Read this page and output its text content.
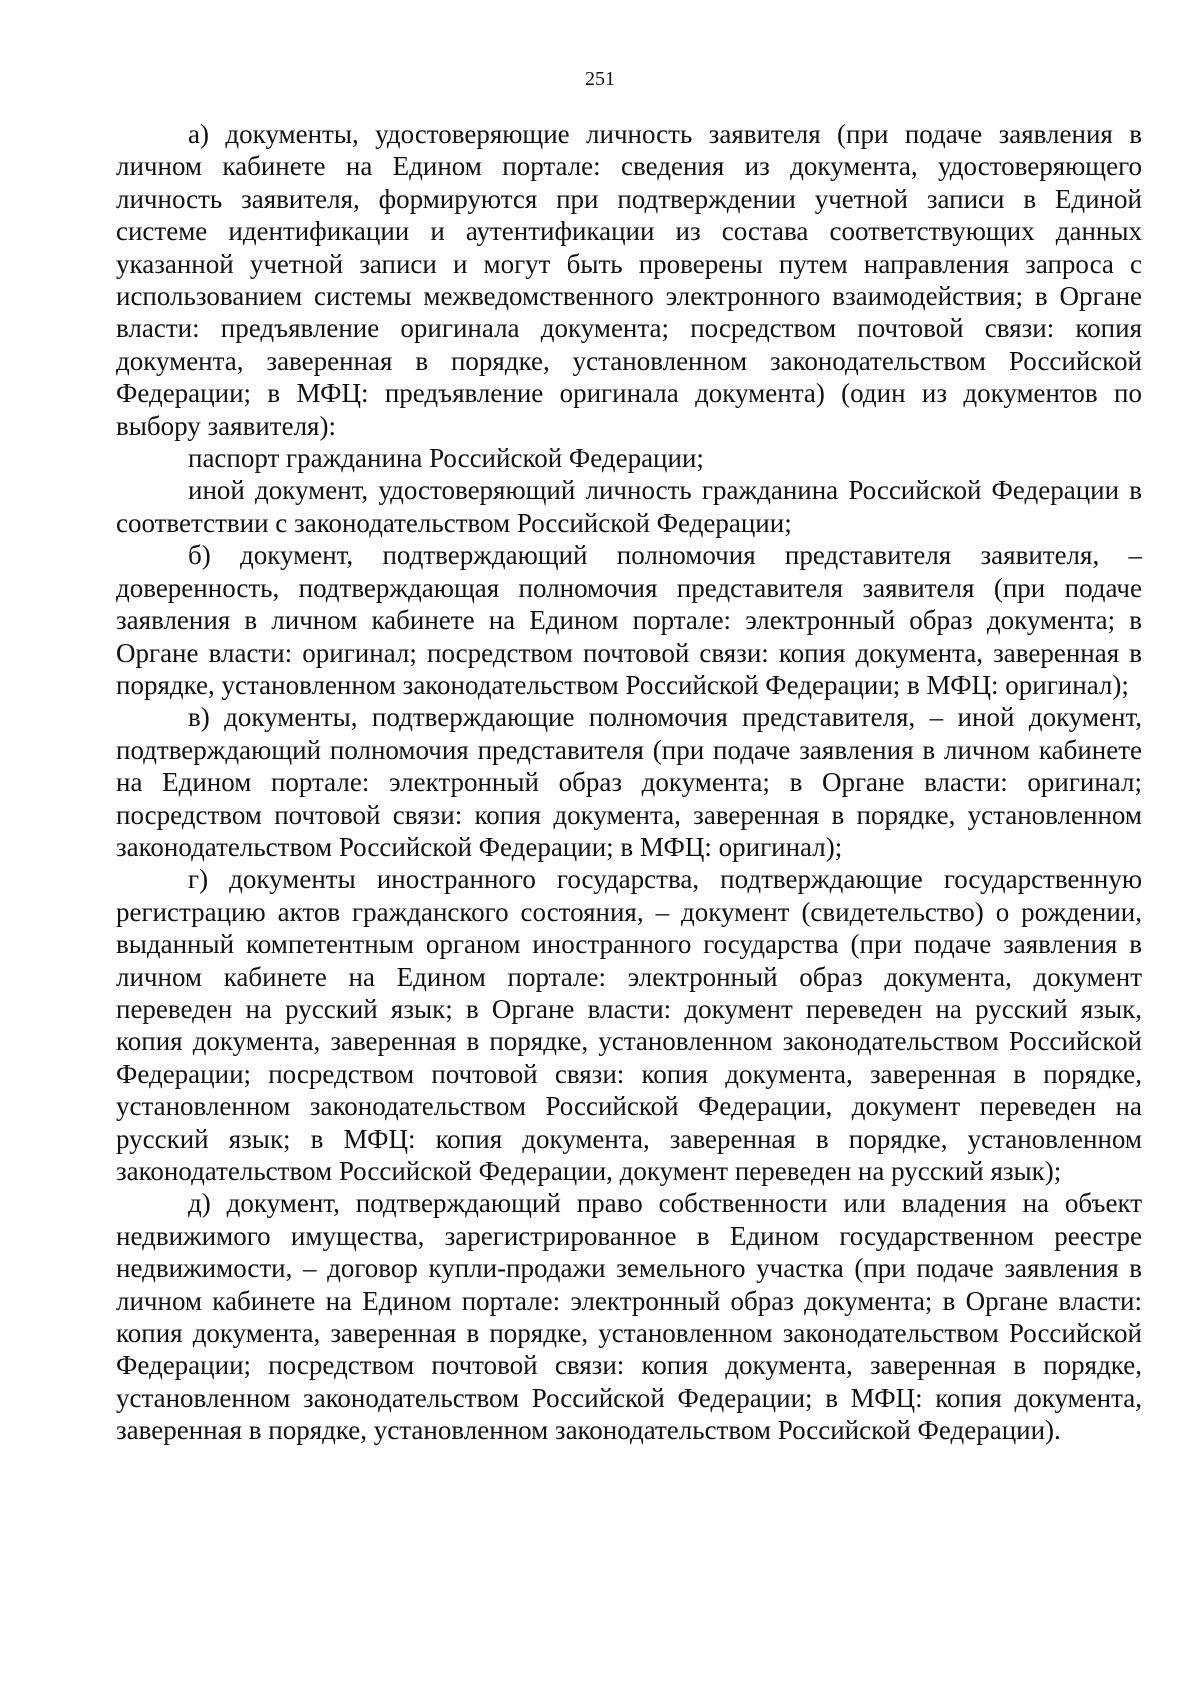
251

а) документы, удостоверяющие личность заявителя (при подаче заявления в личном кабинете на Едином портале: сведения из документа, удостоверяющего личность заявителя, формируются при подтверждении учетной записи в Единой системе идентификации и аутентификации из состава соответствующих данных указанной учетной записи и могут быть проверены путем направления запроса с использованием системы межведомственного электронного взаимодействия; в Органе власти: предъявление оригинала документа; посредством почтовой связи: копия документа, заверенная в порядке, установленном законодательством Российской Федерации; в МФЦ: предъявление оригинала документа) (один из документов по выбору заявителя):

паспорт гражданина Российской Федерации;

иной документ, удостоверяющий личность гражданина Российской Федерации в соответствии с законодательством Российской Федерации;

б) документ, подтверждающий полномочия представителя заявителя, – доверенность, подтверждающая полномочия представителя заявителя (при подаче заявления в личном кабинете на Едином портале: электронный образ документа; в Органе власти: оригинал; посредством почтовой связи: копия документа, заверенная в порядке, установленном законодательством Российской Федерации; в МФЦ: оригинал);

в) документы, подтверждающие полномочия представителя, – иной документ, подтверждающий полномочия представителя (при подаче заявления в личном кабинете на Едином портале: электронный образ документа; в Органе власти: оригинал; посредством почтовой связи: копия документа, заверенная в порядке, установленном законодательством Российской Федерации; в МФЦ: оригинал);

г) документы иностранного государства, подтверждающие государственную регистрацию актов гражданского состояния, – документ (свидетельство) о рождении, выданный компетентным органом иностранного государства (при подаче заявления в личном кабинете на Едином портале: электронный образ документа, документ переведен на русский язык; в Органе власти: документ переведен на русский язык, копия документа, заверенная в порядке, установленном законодательством Российской Федерации; посредством почтовой связи: копия документа, заверенная в порядке, установленном законодательством Российской Федерации, документ переведен на русский язык; в МФЦ: копия документа, заверенная в порядке, установленном законодательством Российской Федерации, документ переведен на русский язык);

д) документ, подтверждающий право собственности или владения на объект недвижимого имущества, зарегистрированное в Едином государственном реестре недвижимости, – договор купли-продажи земельного участка (при подаче заявления в личном кабинете на Едином портале: электронный образ документа; в Органе власти: копия документа, заверенная в порядке, установленном законодательством Российской Федерации; посредством почтовой связи: копия документа, заверенная в порядке, установленном законодательством Российской Федерации; в МФЦ: копия документа, заверенная в порядке, установленном законодательством Российской Федерации).
